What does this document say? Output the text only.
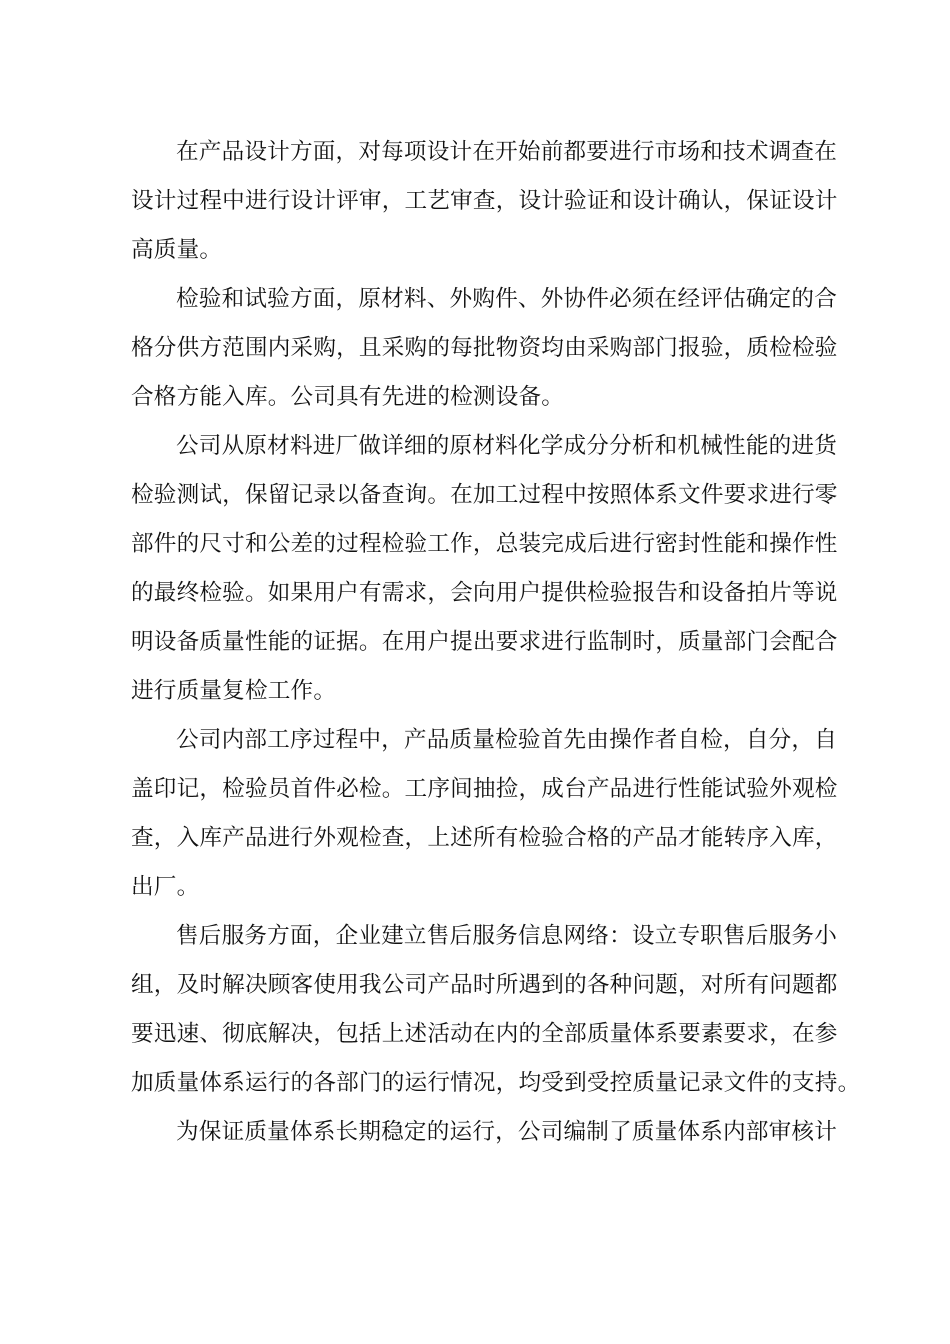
在产品设计方面，对每项设计在开始前都要进行市场和技术调查在
设计过程中进行设计评审，工艺审查，设计验证和设计确认，保证设计
高质量。
检验和试验方面，原材料、外购件、外协件必须在经评估确定的合
格分供方范围内采购，且采购的每批物资均由采购部门报验，质检检验
合格方能入库。公司具有先进的检测设备。
公司从原材料进厂做详细的原材料化学成分分析和机械性能的进货
检验测试，保留记录以备查询。在加工过程中按照体系文件要求进行零
部件的尺寸和公差的过程检验工作，总装完成后进行密封性能和操作性
的最终检验。如果用户有需求，会向用户提供检验报告和设备拍片等说
明设备质量性能的证据。在用户提出要求进行监制时，质量部门会配合
进行质量复检工作。
公司内部工序过程中，产品质量检验首先由操作者自检，自分，自
盖印记，检验员首件必检。工序间抽捡，成台产品进行性能试验外观检
查，入库产品进行外观检查，上述所有检验合格的产品才能转序入库，
出厂。
售后服务方面，企业建立售后服务信息网络：设立专职售后服务小
组，及时解决顾客使用我公司产品时所遇到的各种问题，对所有问题都
要迅速、彻底解决，包括上述活动在内的全部质量体系要素要求，在参
加质量体系运行的各部门的运行情况，均受到受控质量记录文件的支持。
为保证质量体系长期稳定的运行，公司编制了质量体系内部审核计
